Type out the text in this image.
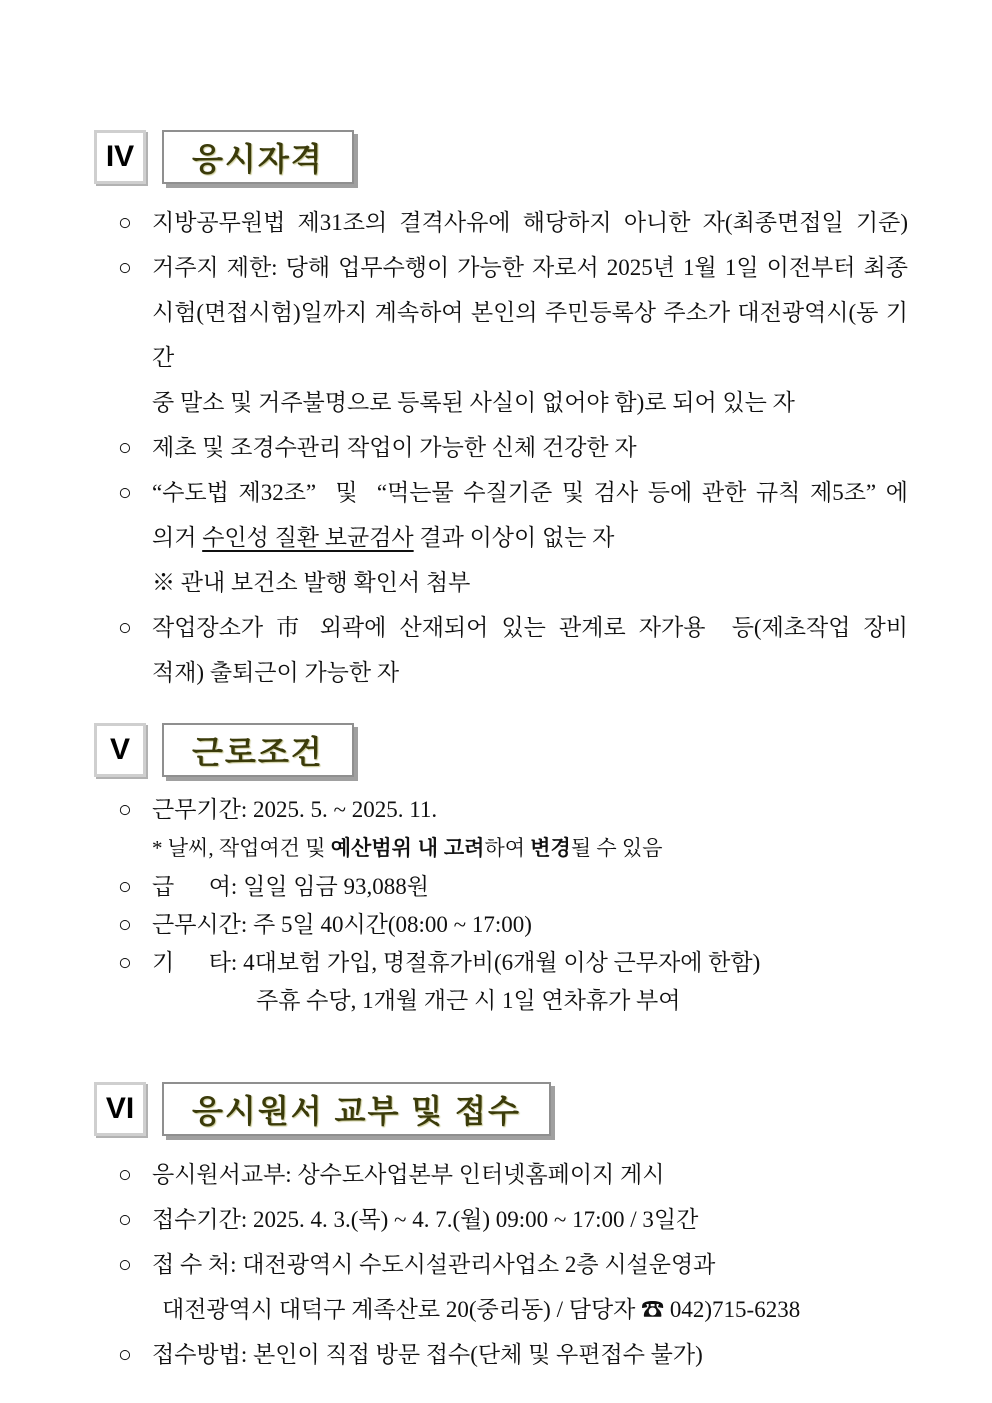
IV 응시자격
○ 지방공무원법 제31조의 결격사유에 해당하지 아니한 자(최종면접일 기준)
○ 거주지 제한: 당해 업무수행이 가능한 자로서 2025년 1월 1일 이전부터 최종
시험(면접시험)일까지 계속하여 본인의 주민등록상 주소가 대전광역시(동 기간
중 말소 및 거주불명으로 등록된 사실이 없어야 함)로 되어 있는 자
○ 제초 및 조경수관리 작업이 가능한 신체 건강한 자
○ “수도법 제32조”  및  “먹는물 수질기준 및 검사 등에 관한 규칙 제5조” 에
의거 수인성 질환 보균검사 결과 이상이 없는 자
※ 관내 보건소 발행 확인서 첨부
○ 작업장소가 市 외곽에 산재되어 있는 관계로 자가용  등(제초작업 장비
적재) 출퇴근이 가능한 자
V 근로조건
○ 근무기간: 2025. 5. ~ 2025. 11.
* 날씨, 작업여건 및 예산범위 내 고려하여 변경될 수 있음
○ 급      여: 일일 임금 93,088원
○ 근무시간: 주 5일 40시간(08:00 ~ 17:00)
○ 기      타: 4대보험 가입, 명절휴가비(6개월 이상 근무자에 한함)
주휴 수당, 1개월 개근 시 1일 연차휴가 부여
VI 응시원서 교부 및 접수
○ 응시원서교부: 상수도사업본부 인터넷홈페이지 게시
○ 접수기간: 2025. 4. 3.(목) ~ 4. 7.(월) 09:00 ~ 17:00 / 3일간
○ 접 수 처: 대전광역시 수도시설관리사업소 2층 시설운영과
대전광역시 대덕구 계족산로 20(중리동) / 담당자 ☎ 042)715-6238
○ 접수방법: 본인이 직접 방문 접수(단체 및 우편접수 불가)
